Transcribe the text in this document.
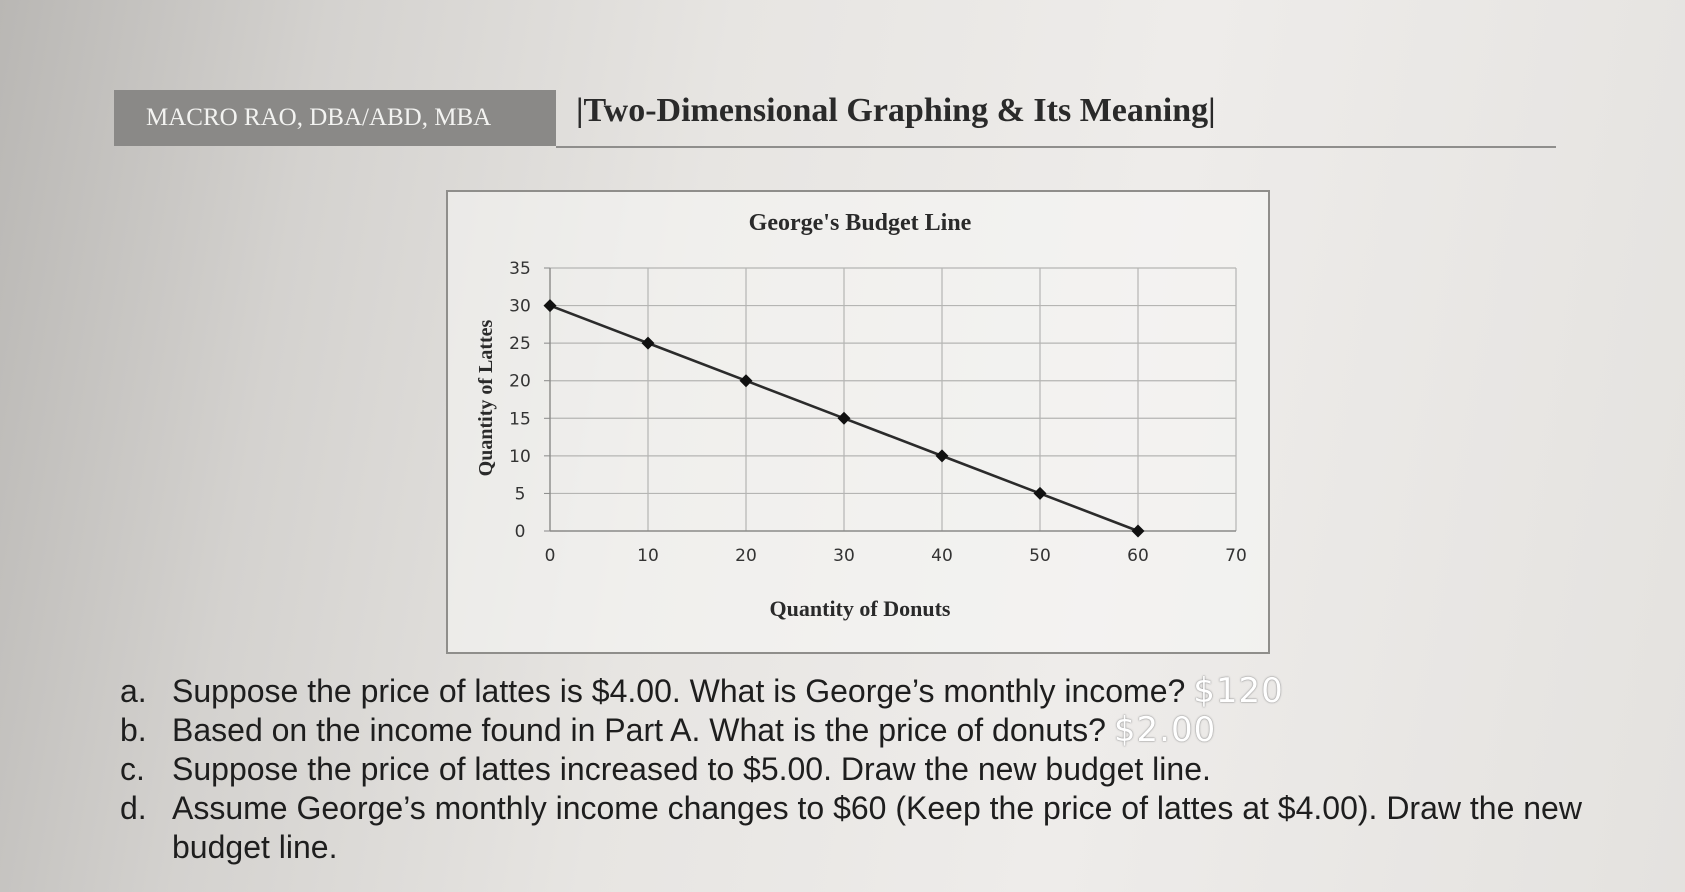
MACRO RAO, DBA/ABD, MBA	|Two-Dimensional Graphing & Its Meaning|
George's Budget Line
0	10	20	30	40	50	60	70
0
5
10
15
20
25
30
35
Quantity of Donuts
Quantity of Lattes
a. Suppose the price of lattes is $4.00. What is George’s monthly income? $120
b. Based on the income found in Part A. What is the price of donuts? $2.00
c. Suppose the price of lattes increased to $5.00. Draw the new budget line.
d. Assume George’s monthly income changes to $60 (Keep the price of lattes at $4.00). Draw the new budget line.
